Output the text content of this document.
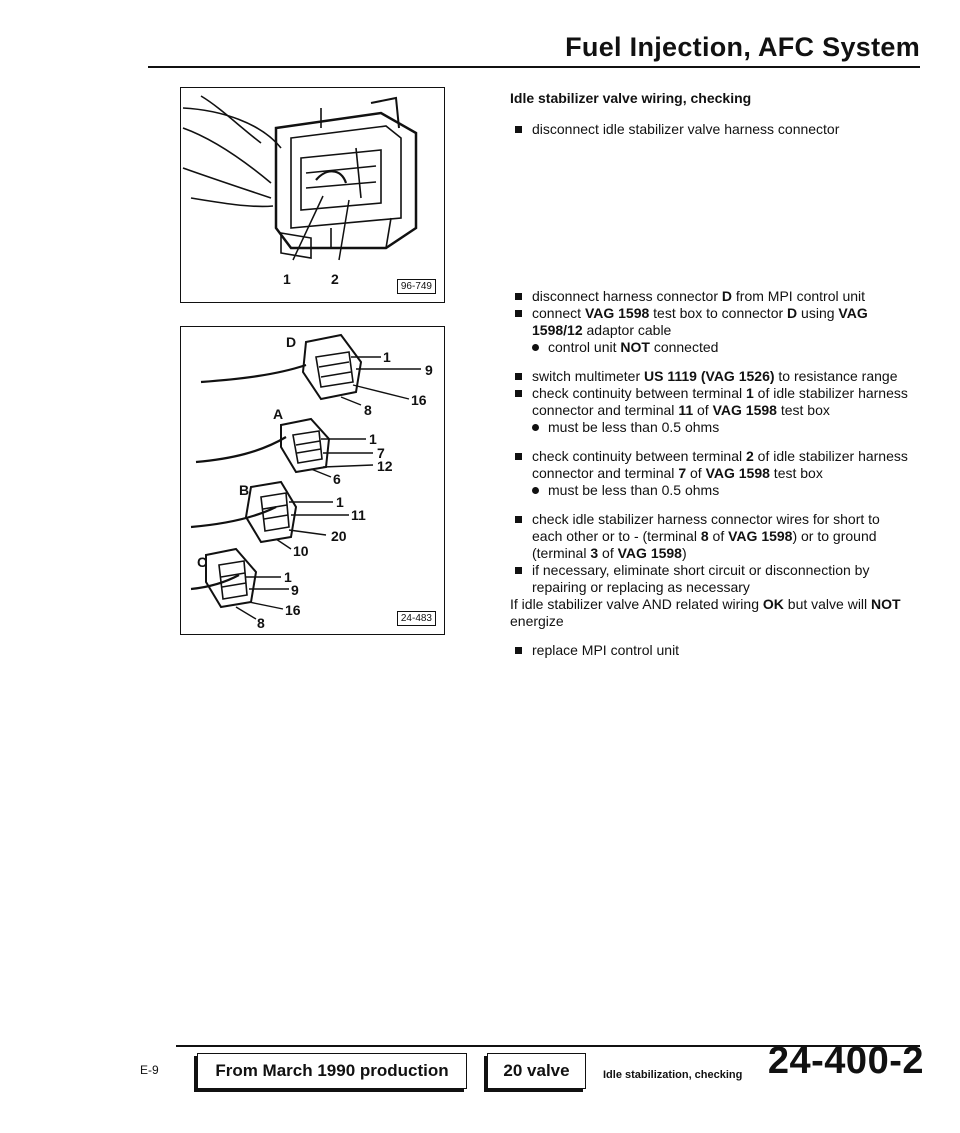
Fuel Injection, AFC System
1	2	96-749
D
1
9
16
8
A
1
7
12
6
B
1
11
20
10
C
1
9
16
8	24-483
Idle stabilizer valve wiring, checking
disconnect idle stabilizer valve harness connector
disconnect harness connector D from MPI control unit
connect VAG 1598 test box to connector D using VAG 1598/12 adaptor cable
control unit NOT connected
switch multimeter US 1119 (VAG 1526) to resistance range
check continuity between terminal 1 of idle stabilizer harness connector and terminal 11 of VAG 1598 test box
must be less than 0.5 ohms
check continuity between terminal 2 of idle stabilizer harness connector and terminal 7 of VAG 1598 test box
must be less than 0.5 ohms
check idle stabilizer harness connector wires for short to each other or to - (terminal 8 of VAG 1598) or to ground (terminal 3 of VAG 1598)
if necessary, eliminate short circuit or disconnection by repairing or replacing as necessary
If idle stabilizer valve AND related wiring OK but valve will NOT energize
replace MPI control unit
E-9	From March 1990 production	20 valve	Idle stabilization, checking 24-400-2
